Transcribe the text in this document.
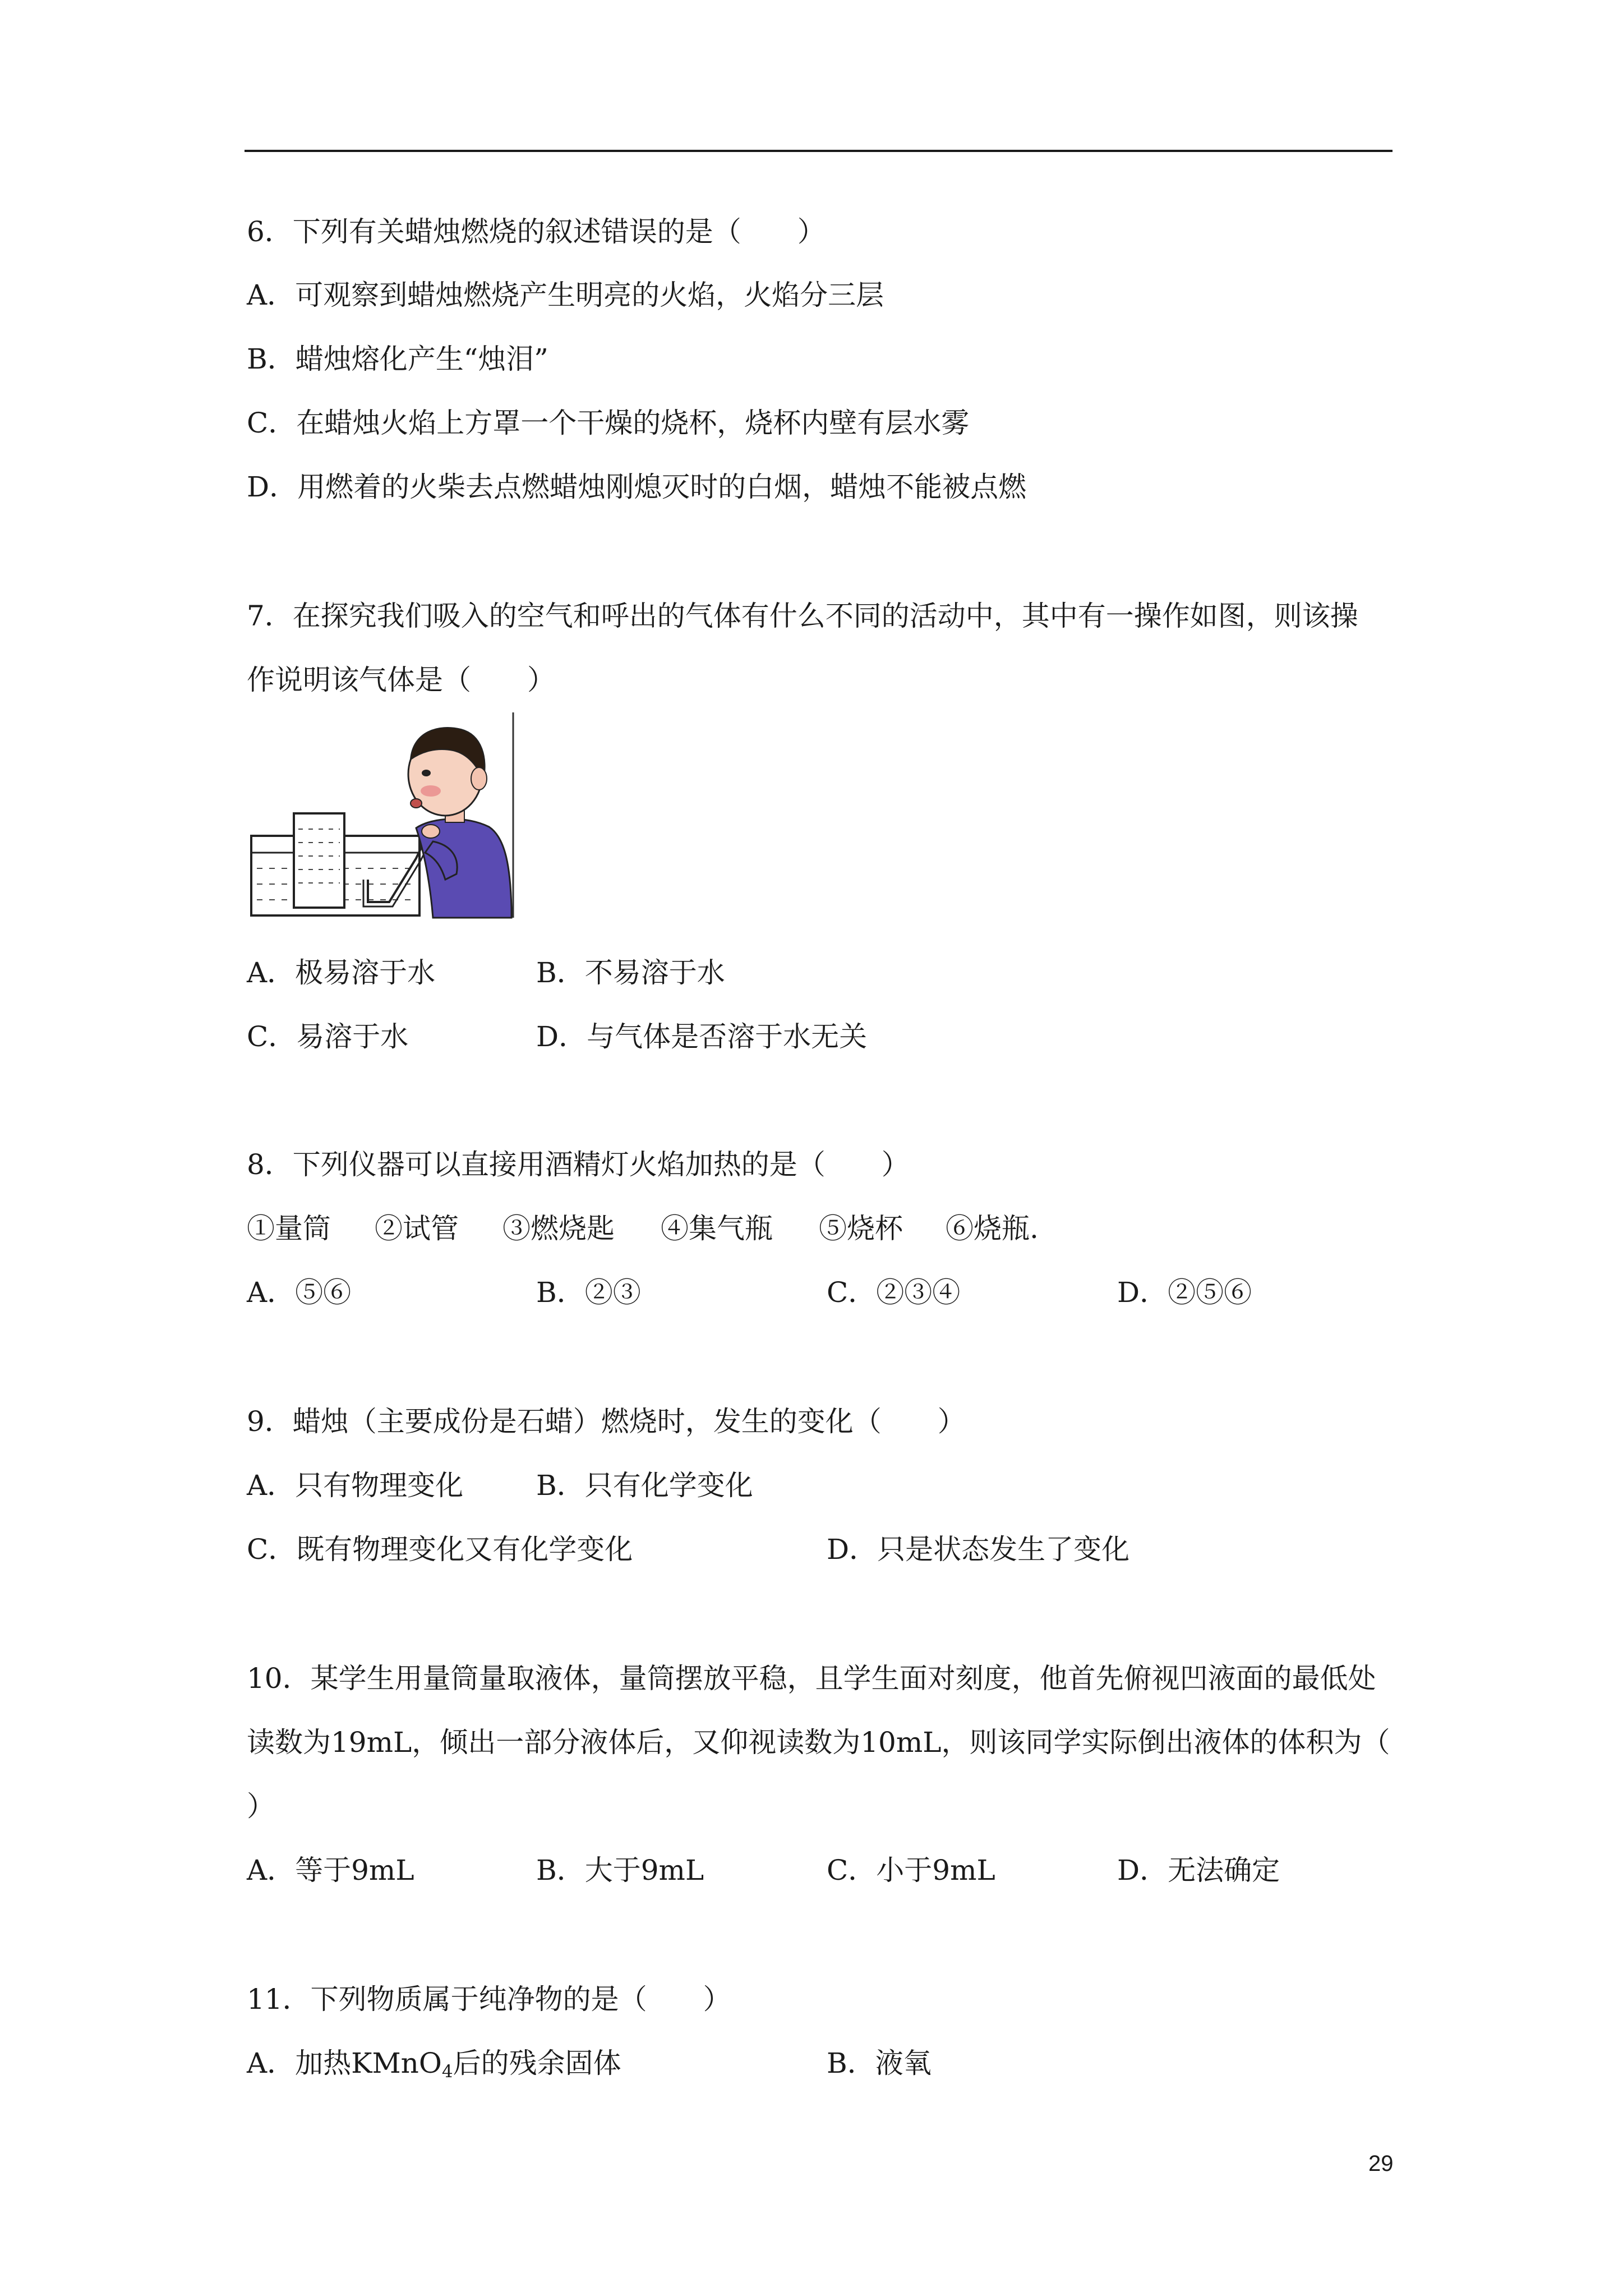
6．下列有关蜡烛燃烧的叙述错误的是（　　）
A．可观察到蜡烛燃烧产生明亮的火焰，火焰分三层
B．蜡烛熔化产生“烛泪”
C．在蜡烛火焰上方罩一个干燥的烧杯，烧杯内壁有层水雾
D．用燃着的火柴去点燃蜡烛刚熄灭时的白烟，蜡烛不能被点燃
7．在探究我们吸入的空气和呼出的气体有什么不同的活动中，其中有一操作如图，则该操
作说明该气体是（　　）
A．极易溶于水	B．不易溶于水
C．易溶于水	D．与气体是否溶于水无关
8．下列仪器可以直接用酒精灯火焰加热的是（　　）
①量筒 ②试管 ③燃烧匙 ④集气瓶 ⑤烧杯 ⑥烧瓶.
A．⑤⑥	B．②③	C．②③④	D．②⑤⑥
9．蜡烛（主要成份是石蜡）燃烧时，发生的变化（　　）
A．只有物理变化	B．只有化学变化
C．既有物理变化又有化学变化	D．只是状态发生了变化
10．某学生用量筒量取液体，量筒摆放平稳，且学生面对刻度，他首先俯视凹液面的最低处
读数为19mL，倾出一部分液体后，又仰视读数为10mL，则该同学实际倒出液体的体积为（
）
A．等于9mL	B．大于9mL	C．小于9mL	D．无法确定
11．下列物质属于纯净物的是（　　）
A．加热KMnO$_4$后的残余固体	B．液氧
29
